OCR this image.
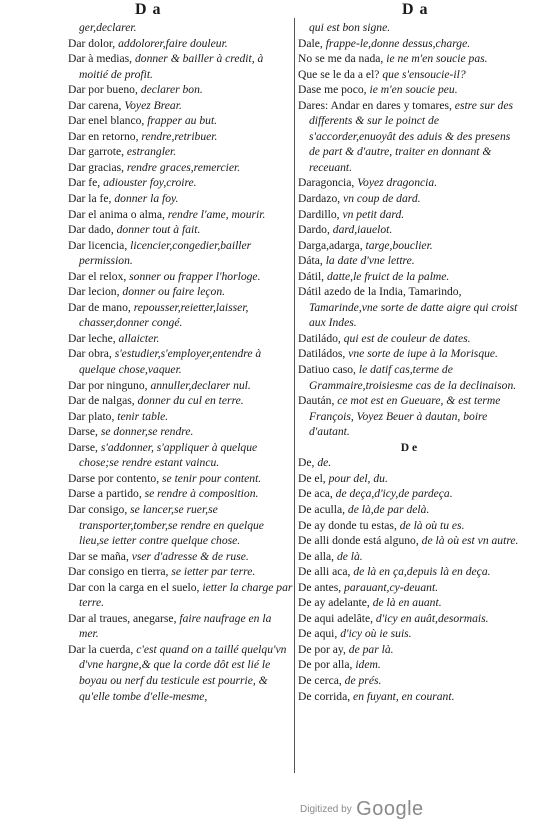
D a	D a
ger,declarer.
Dar dolor, addolorer,faire douleur.
Dar à medias, donner & bailler à credit, à moitié de profit.
Dar por bueno, declarer bon.
Dar carena, Voyez Brear.
Dar enel blanco, frapper au but.
Dar en retorno, rendre,retribuer.
Dar garrote, estrangler.
Dar gracias, rendre graces,remercier.
Dar fe, adiouster foy,croire.
Dar la fe, donner la foy.
Dar el anima o alma, rendre l'ame, mourir.
Dar dado, donner tout à fait.
Dar licencia, licencier,congedier,bailler permission.
Dar el relox, sonner ou frapper l'horloge.
Dar lecion, donner ou faire leçon.
Dar de mano, repousser,reietter,laisser, chasser,donner congé.
Dar leche, allaicter.
Dar obra, s'estudier,s'employer,entendre à quelque chose,vaquer.
Dar por ninguno, annuller,declarer nul.
Dar de nalgas, donner du cul en terre.
Dar plato, tenir table.
Darse, se donner,se rendre.
Darse, s'addonner, s'appliquer à quelque chose;se rendre estant vaincu.
Darse por contento, se tenir pour content.
Darse a partido, se rendre à composition.
Dar consigo, se lancer,se ruer,se transporter,tomber,se rendre en quelque lieu,se ietter contre quelque chose.
Dar se maña, vser d'adresse & de ruse.
Dar consigo en tierra, se ietter par terre.
Dar con la carga en el suelo, ietter la charge par terre.
Dar al traues, anegarse, faire naufrage en la mer.
Dar la cuerda, c'est quand on a taillé quelqu'vn d'vne hargne,& que la corde dôt est lié le boyau ou nerf du testicule est pourrie, & qu'elle tombe d'elle-mesme,
qui est bon signe.
Dale, frappe-le,donne dessus,charge.
No se me da nada, ie ne m'en soucie pas.
Que se le da a el? que s'ensoucie-il?
Dase me poco, ie m'en soucie peu.
Dares: Andar en dares y tomares, estre sur des differents & sur le poinct de s'accorder,enuoyât des aduis & des presens de part & d'autre, traiter en donnant & receuant.
Daragoncia, Voyez dragoncia.
Dardazo, vn coup de dard.
Dardillo, vn petit dard.
Dardo, dard,iauelot.
Darga,adarga, targe,bouclier.
Dáta, la date d'vne lettre.
Dátil, datte,le fruict de la palme.
Dátil azedo de la India, Tamarindo, Tamarinde,vne sorte de datte aigre qui croist aux Indes.
Datiládo, qui est de couleur de dates.
Datiládos, vne sorte de iupe à la Morisque.
Datiuo caso, le datif cas,terme de Grammaire,troisiesme cas de la declinaison.
Daután, ce mot est en Gueuare, & est terme François, Voyez Beuer à dautan, boire d'autant.
D e
De, de.
De el, pour del, du.
De aca, de deça,d'icy,de pardeça.
De aculla, de là,de par delà.
De ay donde tu estas, de là où tu es.
De alli donde está alguno, de là où est vn autre.
De alla, de là.
De alli aca, de là en ça,depuis là en deça.
De antes, parauant,cy-deuant.
De ay adelante, de là en auant.
De aqui adelâte, d'icy en auât,desormais.
De aqui, d'icy où ie suis.
De por ay, de par là.
De por alla, idem.
De cerca, de prés.
De corrida, en fuyant, en courant.
Digitized by Google
